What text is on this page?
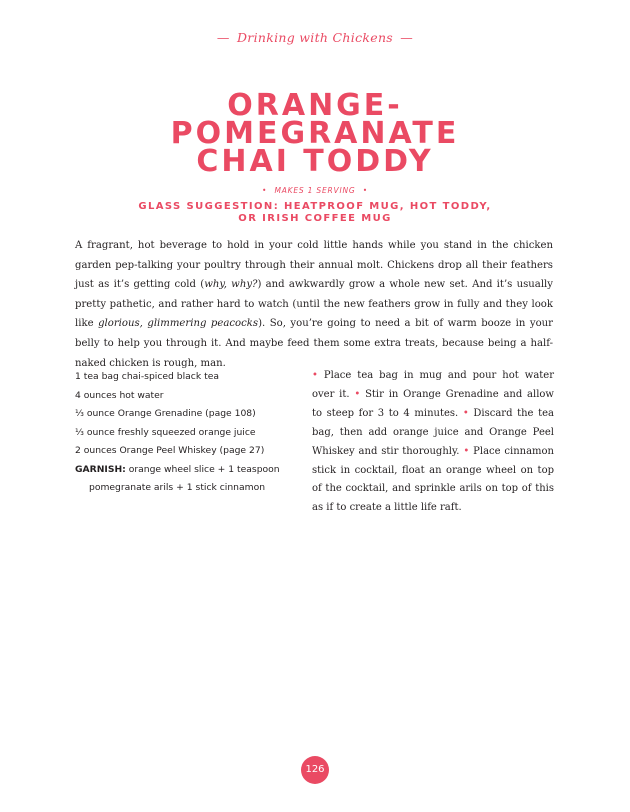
— Drinking with Chickens —
ORANGE-
POMEGRANATE
CHAI TODDY
• MAKES 1 SERVING •
GLASS SUGGESTION: HEATPROOF MUG, HOT TODDY,
OR IRISH COFFEE MUG
A fragrant, hot beverage to hold in your cold little hands while you stand in the chicken garden pep-talking your poultry through their annual molt. Chickens drop all their feathers just as it’s getting cold (why, why?) and awkwardly grow a whole new set. And it’s usually pretty pathetic, and rather hard to watch (until the new feathers grow in fully and they look like glorious, glimmering peacocks). So, you’re going to need a bit of warm booze in your belly to help you through it. And maybe feed them some extra treats, because being a half-naked chicken is rough, man.
1 tea bag chai-spiced black tea
4 ounces hot water
⅓ ounce Orange Grenadine (page 108)
⅓ ounce freshly squeezed orange juice
2 ounces Orange Peel Whiskey (page 27)
GARNISH: orange wheel slice + 1 teaspoon
pomegranate arils + 1 stick cinnamon
• Place tea bag in mug and pour hot water over it. • Stir in Orange Grenadine and allow to steep for 3 to 4 minutes. • Discard the tea bag, then add orange juice and Orange Peel Whiskey and stir thoroughly. • Place cinnamon stick in cocktail, float an orange wheel on top of the cocktail, and sprinkle arils on top of this as if to create a little life raft.
126
